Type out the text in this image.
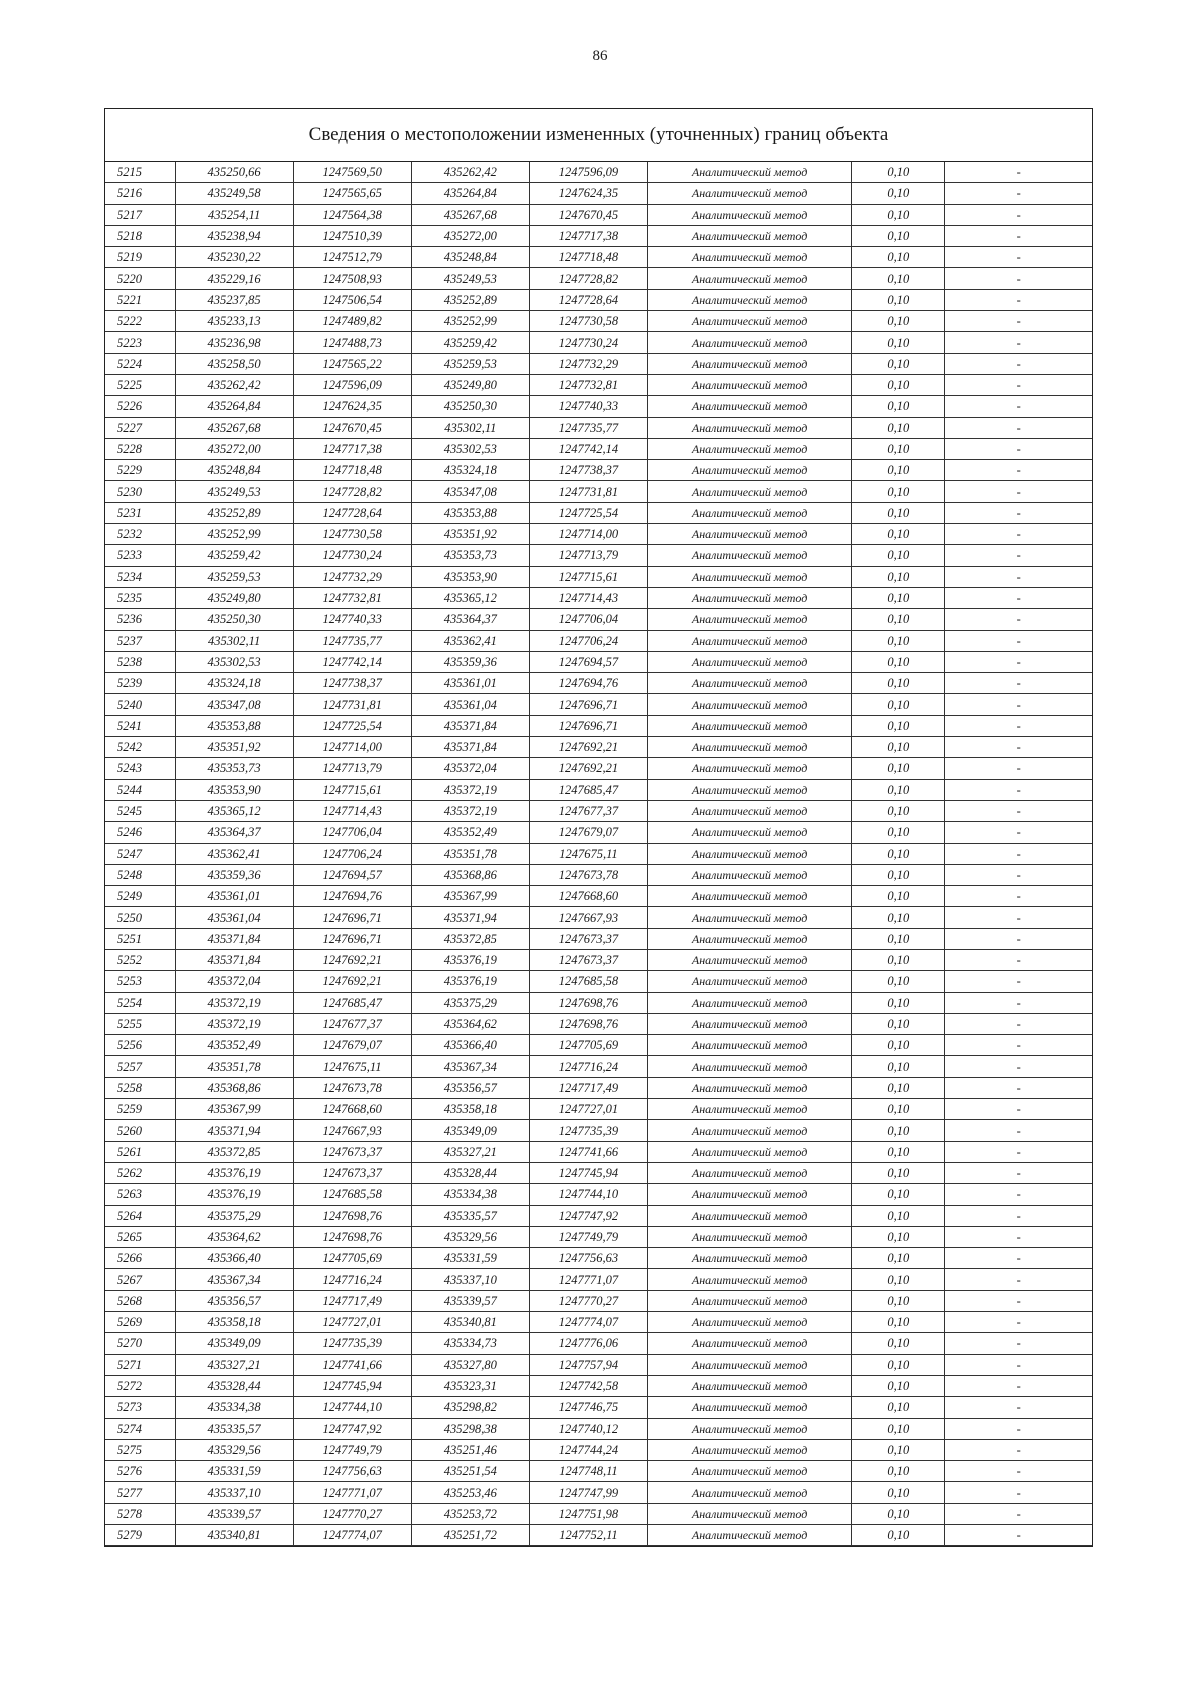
86
Сведения о местоположении измененных (уточненных) границ объекта
5215	435250,66	1247569,50	435262,42	1247596,09	Аналитический метод	0,10	-
5216	435249,58	1247565,65	435264,84	1247624,35	Аналитический метод	0,10	-
5217	435254,11	1247564,38	435267,68	1247670,45	Аналитический метод	0,10	-
5218	435238,94	1247510,39	435272,00	1247717,38	Аналитический метод	0,10	-
5219	435230,22	1247512,79	435248,84	1247718,48	Аналитический метод	0,10	-
5220	435229,16	1247508,93	435249,53	1247728,82	Аналитический метод	0,10	-
5221	435237,85	1247506,54	435252,89	1247728,64	Аналитический метод	0,10	-
5222	435233,13	1247489,82	435252,99	1247730,58	Аналитический метод	0,10	-
5223	435236,98	1247488,73	435259,42	1247730,24	Аналитический метод	0,10	-
5224	435258,50	1247565,22	435259,53	1247732,29	Аналитический метод	0,10	-
5225	435262,42	1247596,09	435249,80	1247732,81	Аналитический метод	0,10	-
5226	435264,84	1247624,35	435250,30	1247740,33	Аналитический метод	0,10	-
5227	435267,68	1247670,45	435302,11	1247735,77	Аналитический метод	0,10	-
5228	435272,00	1247717,38	435302,53	1247742,14	Аналитический метод	0,10	-
5229	435248,84	1247718,48	435324,18	1247738,37	Аналитический метод	0,10	-
5230	435249,53	1247728,82	435347,08	1247731,81	Аналитический метод	0,10	-
5231	435252,89	1247728,64	435353,88	1247725,54	Аналитический метод	0,10	-
5232	435252,99	1247730,58	435351,92	1247714,00	Аналитический метод	0,10	-
5233	435259,42	1247730,24	435353,73	1247713,79	Аналитический метод	0,10	-
5234	435259,53	1247732,29	435353,90	1247715,61	Аналитический метод	0,10	-
5235	435249,80	1247732,81	435365,12	1247714,43	Аналитический метод	0,10	-
5236	435250,30	1247740,33	435364,37	1247706,04	Аналитический метод	0,10	-
5237	435302,11	1247735,77	435362,41	1247706,24	Аналитический метод	0,10	-
5238	435302,53	1247742,14	435359,36	1247694,57	Аналитический метод	0,10	-
5239	435324,18	1247738,37	435361,01	1247694,76	Аналитический метод	0,10	-
5240	435347,08	1247731,81	435361,04	1247696,71	Аналитический метод	0,10	-
5241	435353,88	1247725,54	435371,84	1247696,71	Аналитический метод	0,10	-
5242	435351,92	1247714,00	435371,84	1247692,21	Аналитический метод	0,10	-
5243	435353,73	1247713,79	435372,04	1247692,21	Аналитический метод	0,10	-
5244	435353,90	1247715,61	435372,19	1247685,47	Аналитический метод	0,10	-
5245	435365,12	1247714,43	435372,19	1247677,37	Аналитический метод	0,10	-
5246	435364,37	1247706,04	435352,49	1247679,07	Аналитический метод	0,10	-
5247	435362,41	1247706,24	435351,78	1247675,11	Аналитический метод	0,10	-
5248	435359,36	1247694,57	435368,86	1247673,78	Аналитический метод	0,10	-
5249	435361,01	1247694,76	435367,99	1247668,60	Аналитический метод	0,10	-
5250	435361,04	1247696,71	435371,94	1247667,93	Аналитический метод	0,10	-
5251	435371,84	1247696,71	435372,85	1247673,37	Аналитический метод	0,10	-
5252	435371,84	1247692,21	435376,19	1247673,37	Аналитический метод	0,10	-
5253	435372,04	1247692,21	435376,19	1247685,58	Аналитический метод	0,10	-
5254	435372,19	1247685,47	435375,29	1247698,76	Аналитический метод	0,10	-
5255	435372,19	1247677,37	435364,62	1247698,76	Аналитический метод	0,10	-
5256	435352,49	1247679,07	435366,40	1247705,69	Аналитический метод	0,10	-
5257	435351,78	1247675,11	435367,34	1247716,24	Аналитический метод	0,10	-
5258	435368,86	1247673,78	435356,57	1247717,49	Аналитический метод	0,10	-
5259	435367,99	1247668,60	435358,18	1247727,01	Аналитический метод	0,10	-
5260	435371,94	1247667,93	435349,09	1247735,39	Аналитический метод	0,10	-
5261	435372,85	1247673,37	435327,21	1247741,66	Аналитический метод	0,10	-
5262	435376,19	1247673,37	435328,44	1247745,94	Аналитический метод	0,10	-
5263	435376,19	1247685,58	435334,38	1247744,10	Аналитический метод	0,10	-
5264	435375,29	1247698,76	435335,57	1247747,92	Аналитический метод	0,10	-
5265	435364,62	1247698,76	435329,56	1247749,79	Аналитический метод	0,10	-
5266	435366,40	1247705,69	435331,59	1247756,63	Аналитический метод	0,10	-
5267	435367,34	1247716,24	435337,10	1247771,07	Аналитический метод	0,10	-
5268	435356,57	1247717,49	435339,57	1247770,27	Аналитический метод	0,10	-
5269	435358,18	1247727,01	435340,81	1247774,07	Аналитический метод	0,10	-
5270	435349,09	1247735,39	435334,73	1247776,06	Аналитический метод	0,10	-
5271	435327,21	1247741,66	435327,80	1247757,94	Аналитический метод	0,10	-
5272	435328,44	1247745,94	435323,31	1247742,58	Аналитический метод	0,10	-
5273	435334,38	1247744,10	435298,82	1247746,75	Аналитический метод	0,10	-
5274	435335,57	1247747,92	435298,38	1247740,12	Аналитический метод	0,10	-
5275	435329,56	1247749,79	435251,46	1247744,24	Аналитический метод	0,10	-
5276	435331,59	1247756,63	435251,54	1247748,11	Аналитический метод	0,10	-
5277	435337,10	1247771,07	435253,46	1247747,99	Аналитический метод	0,10	-
5278	435339,57	1247770,27	435253,72	1247751,98	Аналитический метод	0,10	-
5279	435340,81	1247774,07	435251,72	1247752,11	Аналитический метод	0,10	-
